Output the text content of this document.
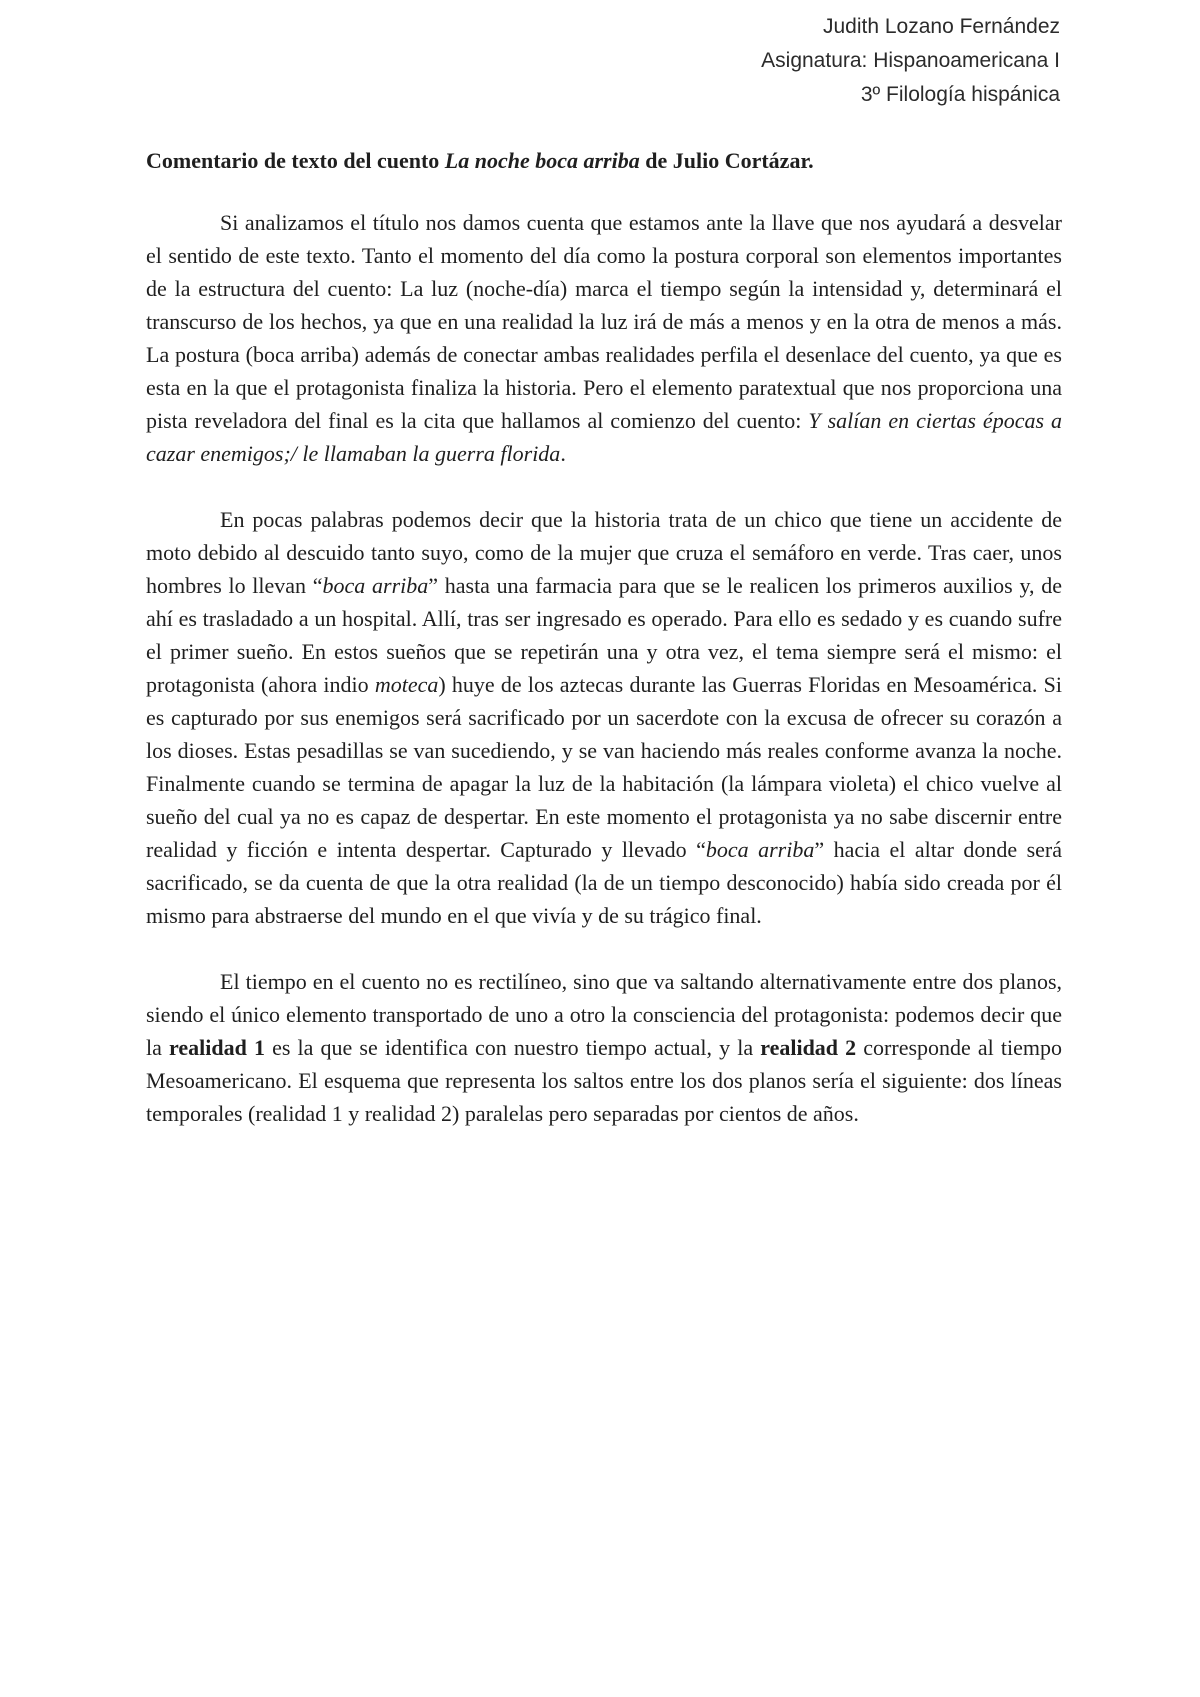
Judith Lozano Fernández
Asignatura: Hispanoamericana I
3º Filología hispánica
Comentario de texto del cuento La noche boca arriba de Julio Cortázar.

Si analizamos el título nos damos cuenta que estamos ante la llave que nos ayudará a desvelar el sentido de este texto. Tanto el momento del día como la postura corporal son elementos importantes de la estructura del cuento: La luz (noche-día) marca el tiempo según la intensidad y, determinará el transcurso de los hechos, ya que en una realidad la luz irá de más a menos y en la otra de menos a más. La postura (boca arriba) además de conectar ambas realidades perfila el desenlace del cuento, ya que es esta en la que el protagonista finaliza la historia. Pero el elemento paratextual que nos proporciona una pista reveladora del final es la cita que hallamos al comienzo del cuento: Y salían en ciertas épocas a cazar enemigos;/ le llamaban la guerra florida.

En pocas palabras podemos decir que la historia trata de un chico que tiene un accidente de moto debido al descuido tanto suyo, como de la mujer que cruza el semáforo en verde. Tras caer, unos hombres lo llevan “boca arriba” hasta una farmacia para que se le realicen los primeros auxilios y, de ahí es trasladado a un hospital. Allí, tras ser ingresado es operado. Para ello es sedado y es cuando sufre el primer sueño. En estos sueños que se repetirán una y otra vez, el tema siempre será el mismo: el protagonista (ahora indio moteca) huye de los aztecas durante las Guerras Floridas en Mesoamérica. Si es capturado por sus enemigos será sacrificado por un sacerdote con la excusa de ofrecer su corazón a los dioses. Estas pesadillas se van sucediendo, y se van haciendo más reales conforme avanza la noche. Finalmente cuando se termina de apagar la luz de la habitación (la lámpara violeta) el chico vuelve al sueño del cual ya no es capaz de despertar. En este momento el protagonista ya no sabe discernir entre realidad y ficción e intenta despertar. Capturado y llevado “boca arriba” hacia el altar donde será sacrificado, se da cuenta de que la otra realidad (la de un tiempo desconocido) había sido creada por él mismo para abstraerse del mundo en el que vivía y de su trágico final.

El tiempo en el cuento no es rectilíneo, sino que va saltando alternativamente entre dos planos, siendo el único elemento transportado de uno a otro la consciencia del protagonista: podemos decir que la realidad 1 es la que se identifica con nuestro tiempo actual, y la realidad 2 corresponde al tiempo Mesoamericano. El esquema que representa los saltos entre los dos planos sería el siguiente: dos líneas temporales (realidad 1 y realidad 2) paralelas pero separadas por cientos de años.
